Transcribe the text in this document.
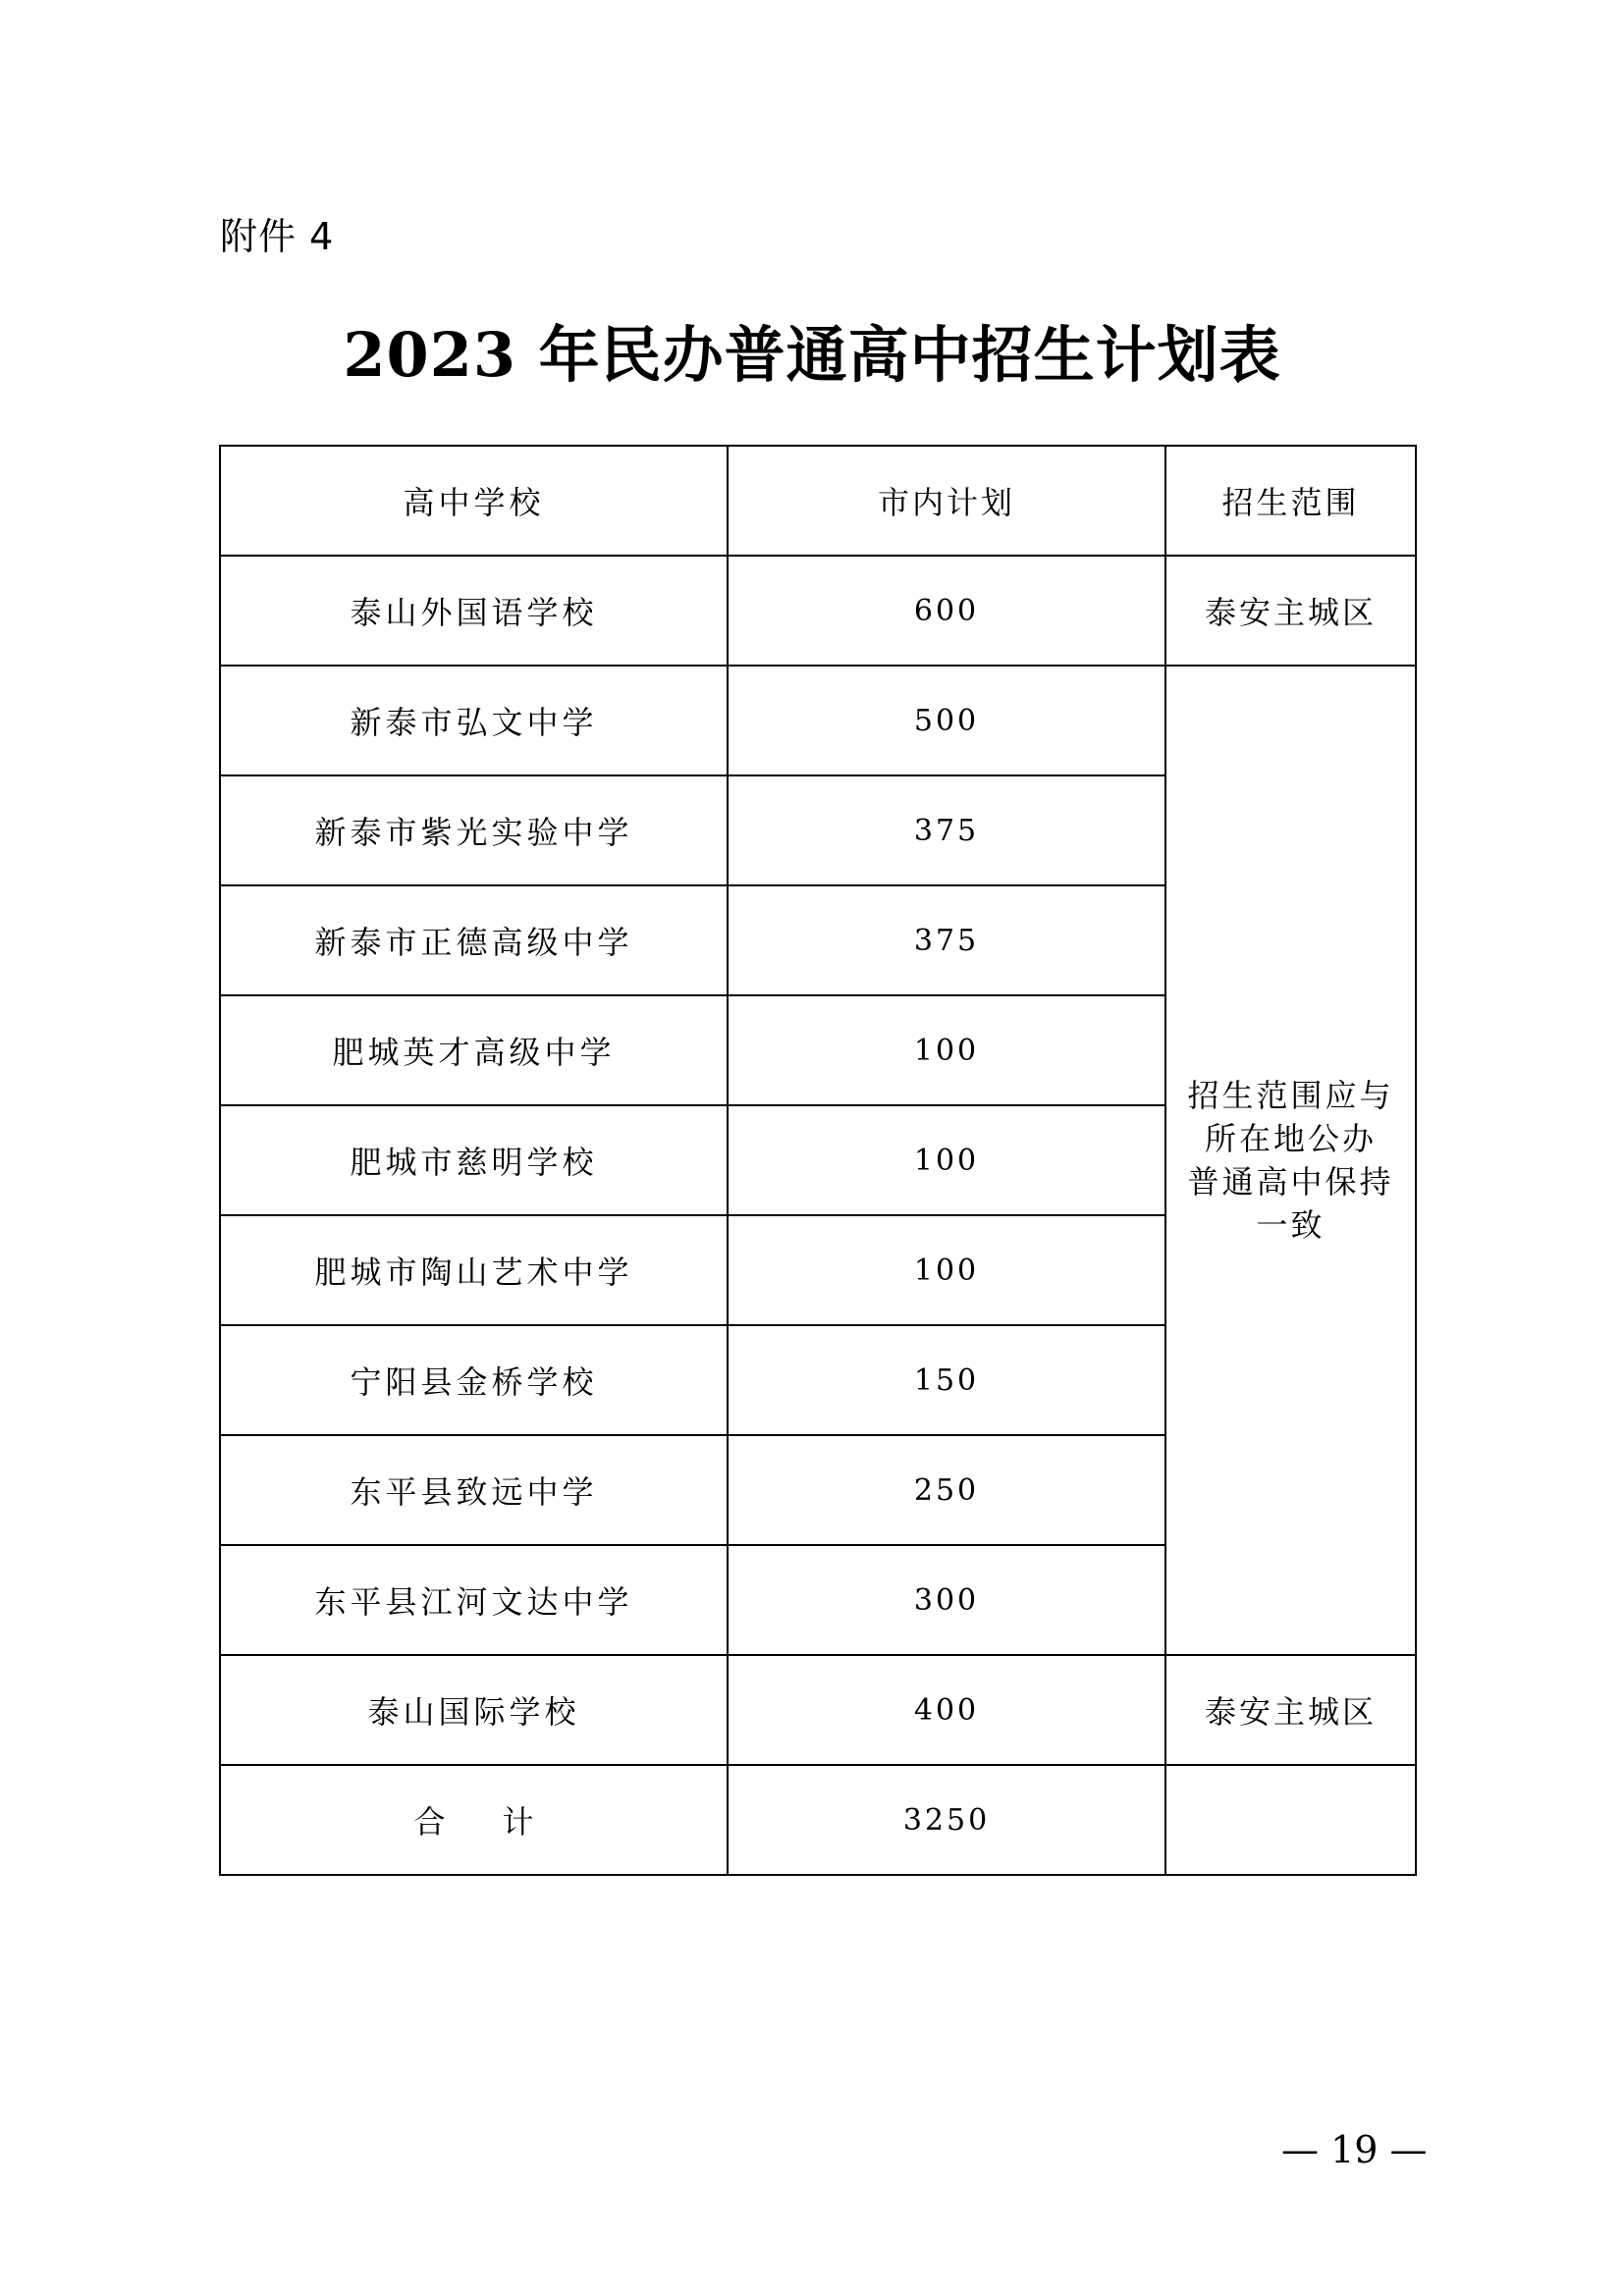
附件 4
2023 年民办普通高中招生计划表
高中学校	市内计划	招生范围
泰山外国语学校	600	泰安主城区
新泰市弘文中学	500	招生范围应与
所在地公办
普通高中保持
一致

新泰市紫光实验中学	375	
新泰市正德高级中学	375	
肥城英才高级中学	100	
肥城市慈明学校	100	
肥城市陶山艺术中学	100	
宁阳县金桥学校	150	
东平县致远中学	250	
东平县江河文达中学	300	
泰山国际学校	400	泰安主城区
合 计	3250	
— 19 —
